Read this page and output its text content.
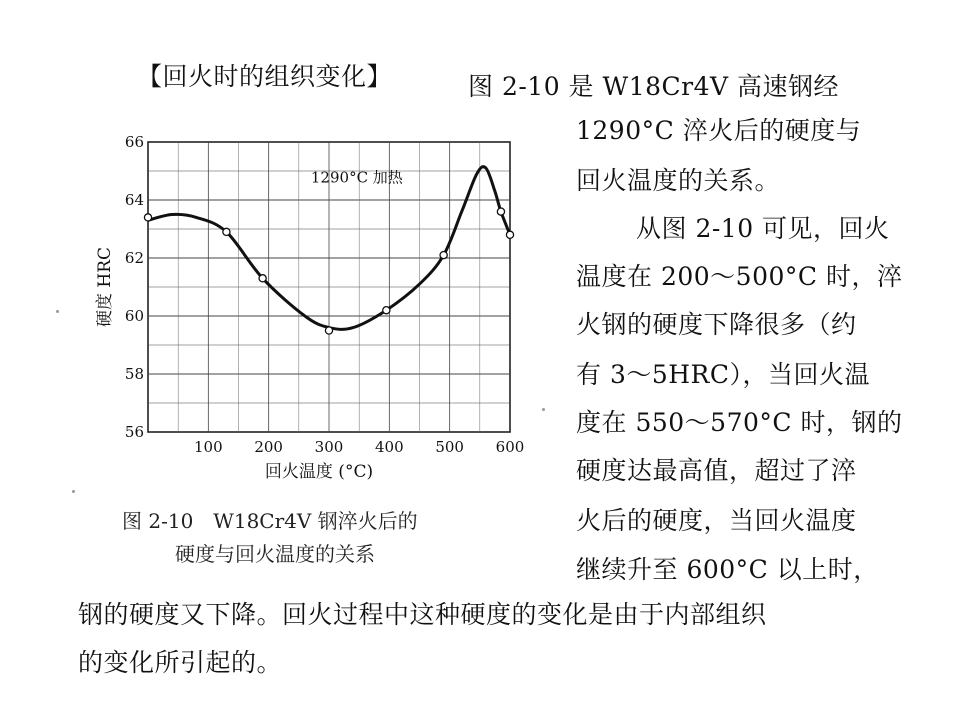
【回火时的组织变化】	图 2-10 是 W18Cr4V 高速钢经
1290°C 淬火后的硬度与
回火温度的关系。
从图 2-10 可见，回火
温度在 200～500°C 时，淬
火钢的硬度下降很多（约
有 3～5HRC），当回火温
度在 550～570°C 时，钢的
硬度达最高值，超过了淬
火后的硬度，当回火温度
继续升至 600°C 以上时，
钢的硬度又下降。回火过程中这种硬度的变化是由于内部组织
的变化所引起的。
56
58
60
62
64
66
100 200 300 400 500 600
回火温度 (°C)
硬度 HRC
1290°C 加热
图 2-10　W18Cr4V 钢淬火后的
硬度与回火温度的关系
